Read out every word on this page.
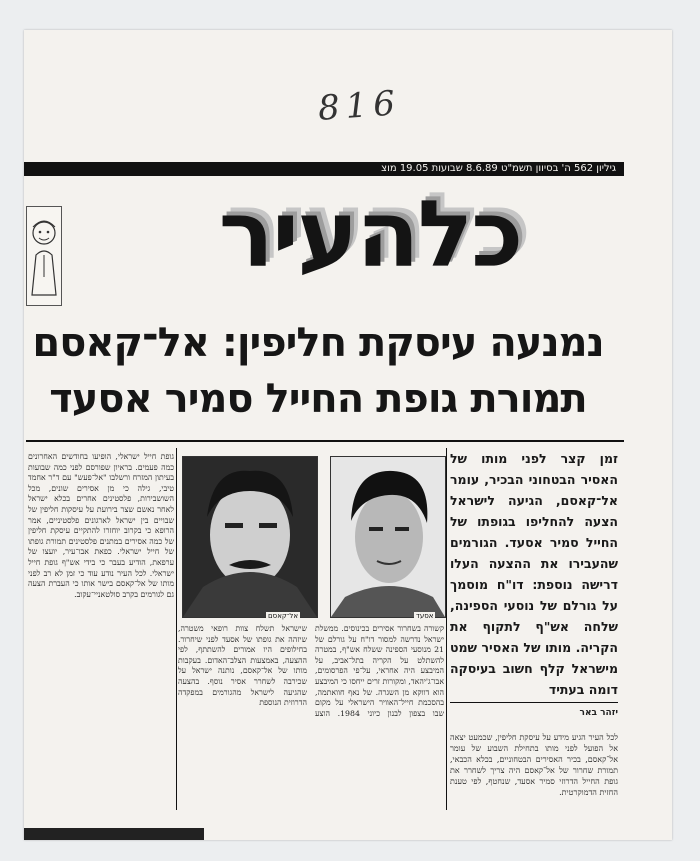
816
גיליון 562 ה' בסיוון תשמ"ט 8.6.89 שבועות 19.05 מוצ
כלהעיר
נמנעה עיסקת חליפין: אל־קאסם
תמורת גופת החייל סמיר אסעד
זמן קצר לפני מותו של האסיר הבטחוני הבכיר, עומר אל־קאסם, הגיעה לישראל הצעה להחליפו בגופתו של החייל סמיר אסעד. הגורמים שהעבירו את ההצעה העלו דרישה נוספת: דו"ח מוסמך על גורלם של נוסעי הספינה, שלחה אש"ף לתקוף את הקריה. מותו של האסיר שמט מישראל קלף חשוב בעיסקה דומה בעתיד
יזהר באר
לכל העיר הגיע מידע על עיסקת חליפין, שכמעט יצאה אל הפועל לפני מותו בתחילת השבוע של עומר אל־קאסם, בכיר האסירים הבטחוניים, בכלא הכבאי, תמורת שחרור של אל־קאסם היה צריך לשחרר את גופת החייל הדרוזי סמיר אסעד, שנחטף, לפי טענת החזית הדמוקרטית.
אל־קאסם	אסעד
גופת חייל ישראלי, הופיעו בחודשים האחרונים כמה פעמים. בראיון שפורסם לפני כמה שבועות בעיתון המזרח ורשלבו "אל־פעש" עם ד"ר אחמד טיבי, גילה כי מן אסירים שונים, מכל השושבירות, פלסטינים אחרים בכלא ישראל לאחר נאשם שצר בירועת על עיסקות חליפין של שבויים בין ישראל לארגונים פלסטיניים, אמר הרופא כי בקרוב יוחזרו להתקיים עיסקת חליפין של כמה אסירים במתנים פלסטינים תמורת גופתו של חייל ישראלי. כפאת אבו־עיר, יועצו של ערפאת, הודיע בעבר כי בידי אש"ף גופת חייל ישראלי. לכל העיר נודע עוד כי זמן לא רב לפני מותו של אל־קאסם בישר אותו כי העברת הצעה גם לגורמים בקרב סולטאניי־עקוב.
קשורה בשחרור אסירים בכינוסים. ממשלת ישראל נדרשה למסור דו"ח על גורלם של 21 מנוסעי הספינה ששלח אש"ף, במטרה להשתלט על הקריה בתל־אביב, על המיבצע היה אחראי, על־פי הפרסומים, אבו־ג'יהאד, ומקורות זרים ייחסו כי המיבצע הוא דווקא מן השגרה. של נאף חוואתמה, בהסכמת חייל־האוויר הישראלי על מקום שבו בצפון לבנון כיוני 1984. הוצע שישראל תשלח צוות רופאי משטרה, שיזהה את גופתו של אסעד לפני שיחרור. בחילופים היו אמורים להשתתף, לפי ההצעה, באמצעות הצלב־האדום. בעקבות מותו של אל־קאסם, נותנה ישראל על שכירבה לשחרר אסיר נוסף. בהצעה שהגיעה לישראל מהגורמים במפקדה הדרוזית הנוספת
